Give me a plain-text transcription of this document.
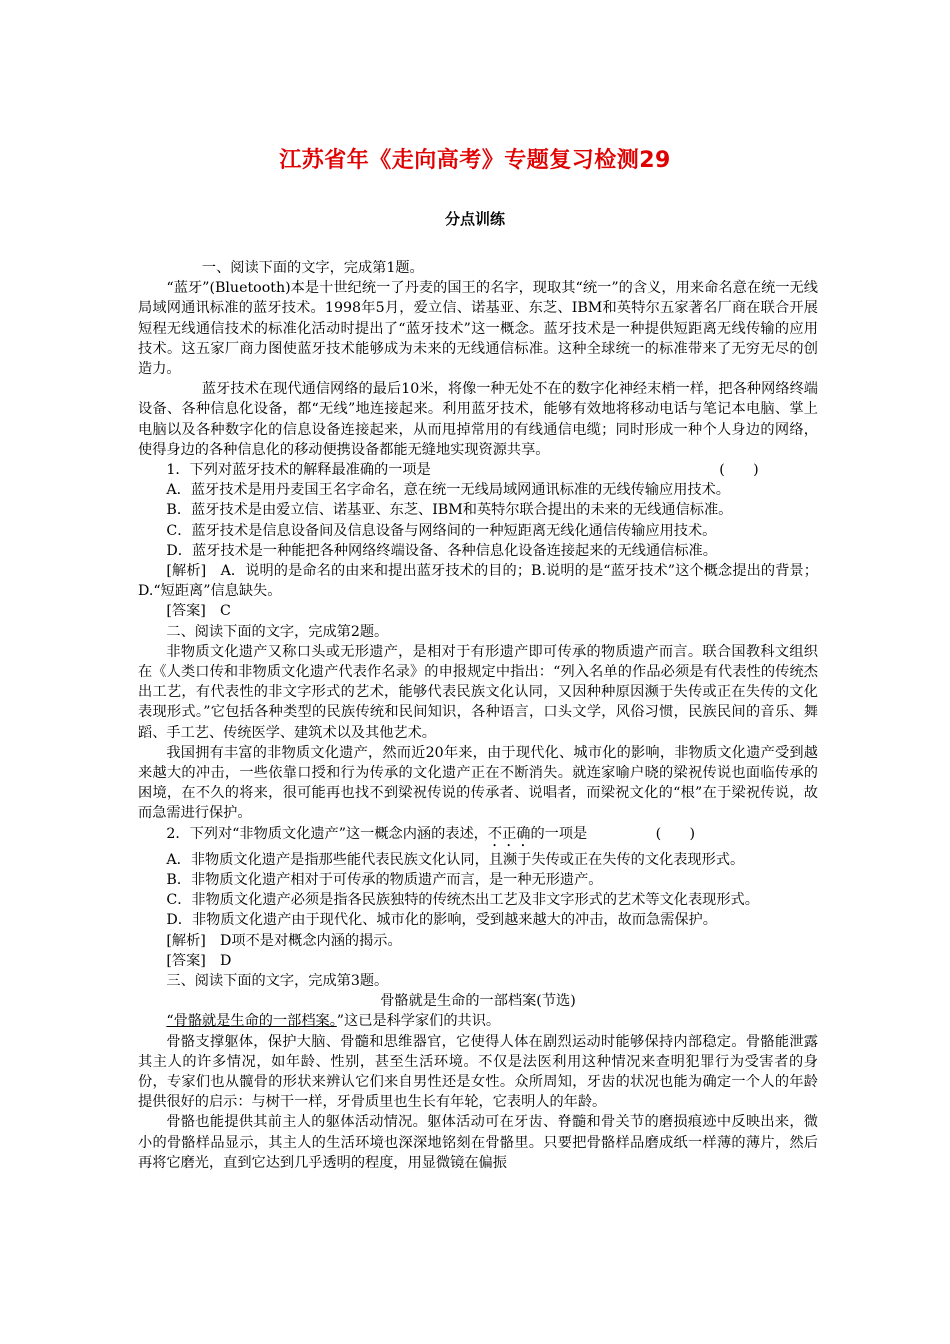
江苏省年《走向高考》专题复习检测29
分点训练

一、阅读下面的文字，完成第1题。

“蓝牙”(Bluetooth)本是十世纪统一了丹麦的国王的名字，现取其“统一”的含义，用来命名意在统一无线局域网通讯标准的蓝牙技术。1998年5月，爱立信、诺基亚、东芝、IBM和英特尔五家著名厂商在联合开展短程无线通信技术的标准化活动时提出了“蓝牙技术”这一概念。蓝牙技术是一种提供短距离无线传输的应用技术。这五家厂商力图使蓝牙技术能够成为未来的无线通信标准。这种全球统一的标准带来了无穷无尽的创造力。

蓝牙技术在现代通信网络的最后10米，将像一种无处不在的数字化神经末梢一样，把各种网络终端设备、各种信息化设备，都“无线”地连接起来。利用蓝牙技术，能够有效地将移动电话与笔记本电脑、掌上电脑以及各种数字化的信息设备连接起来，从而甩掉常用的有线通信电缆；同时形成一种个人身边的网络，使得身边的各种信息化的移动便携设备都能无缝地实现资源共享。

1．下列对蓝牙技术的解释最准确的一项是	(　　)

A．蓝牙技术是用丹麦国王名字命名，意在统一无线局域网通讯标准的无线传输应用技术。

B．蓝牙技术是由爱立信、诺基亚、东芝、IBM和英特尔联合提出的未来的无线通信标准。

C．蓝牙技术是信息设备间及信息设备与网络间的一种短距离无线化通信传输应用技术。

D．蓝牙技术是一种能把各种网络终端设备、各种信息化设备连接起来的无线通信标准。

[解析]　A．说明的是命名的由来和提出蓝牙技术的目的；B.说明的是“蓝牙技术”这个概念提出的背景；D.“短距离”信息缺失。

[答案]　C

二、阅读下面的文字，完成第2题。

非物质文化遗产又称口头或无形遗产，是相对于有形遗产即可传承的物质遗产而言。联合国教科文组织在《人类口传和非物质文化遗产代表作名录》的申报规定中指出：“列入名单的作品必须是有代表性的传统杰出工艺，有代表性的非文字形式的艺术，能够代表民族文化认同，又因种种原因濒于失传或正在失传的文化表现形式。”它包括各种类型的民族传统和民间知识，各种语言，口头文学，风俗习惯，民族民间的音乐、舞蹈、手工艺、传统医学、建筑术以及其他艺术。

我国拥有丰富的非物质文化遗产，然而近20年来，由于现代化、城市化的影响，非物质文化遗产受到越来越大的冲击，一些依靠口授和行为传承的文化遗产正在不断消失。就连家喻户晓的梁祝传说也面临传承的困境，在不久的将来，很可能再也找不到梁祝传说的传承者、说唱者，而梁祝文化的“根”在于梁祝传说，故而急需进行保护。

2．下列对“非物质文化遗产”这一概念内涵的表述，不正确的一项是	(　　)

A．非物质文化遗产是指那些能代表民族文化认同，且濒于失传或正在失传的文化表现形式。

B．非物质文化遗产相对于可传承的物质遗产而言，是一种无形遗产。

C．非物质文化遗产必须是指各民族独特的传统杰出工艺及非文字形式的艺术等文化表现形式。

D．非物质文化遗产由于现代化、城市化的影响，受到越来越大的冲击，故而急需保护。

[解析]　D项不是对概念内涵的揭示。

[答案]　D

三、阅读下面的文字，完成第3题。

骨骼就是生命的一部档案(节选)

“骨骼就是生命的一部档案。”这已是科学家们的共识。

骨骼支撑躯体，保护大脑、骨髓和思维器官，它使得人体在剧烈运动时能够保持内部稳定。骨骼能泄露其主人的许多情况，如年龄、性别，甚至生活环境。不仅是法医利用这种情况来查明犯罪行为受害者的身份，专家们也从髋骨的形状来辨认它们来自男性还是女性。众所周知，牙齿的状况也能为确定一个人的年龄提供很好的启示：与树干一样，牙骨质里也生长有年轮，它表明人的年龄。

骨骼也能提供其前主人的躯体活动情况。躯体活动可在牙齿、脊髓和骨关节的磨损痕迹中反映出来，微小的骨骼样品显示，其主人的生活环境也深深地铭刻在骨骼里。只要把骨骼样品磨成纸一样薄的薄片，然后再将它磨光，直到它达到几乎透明的程度，用显微镜在偏振
